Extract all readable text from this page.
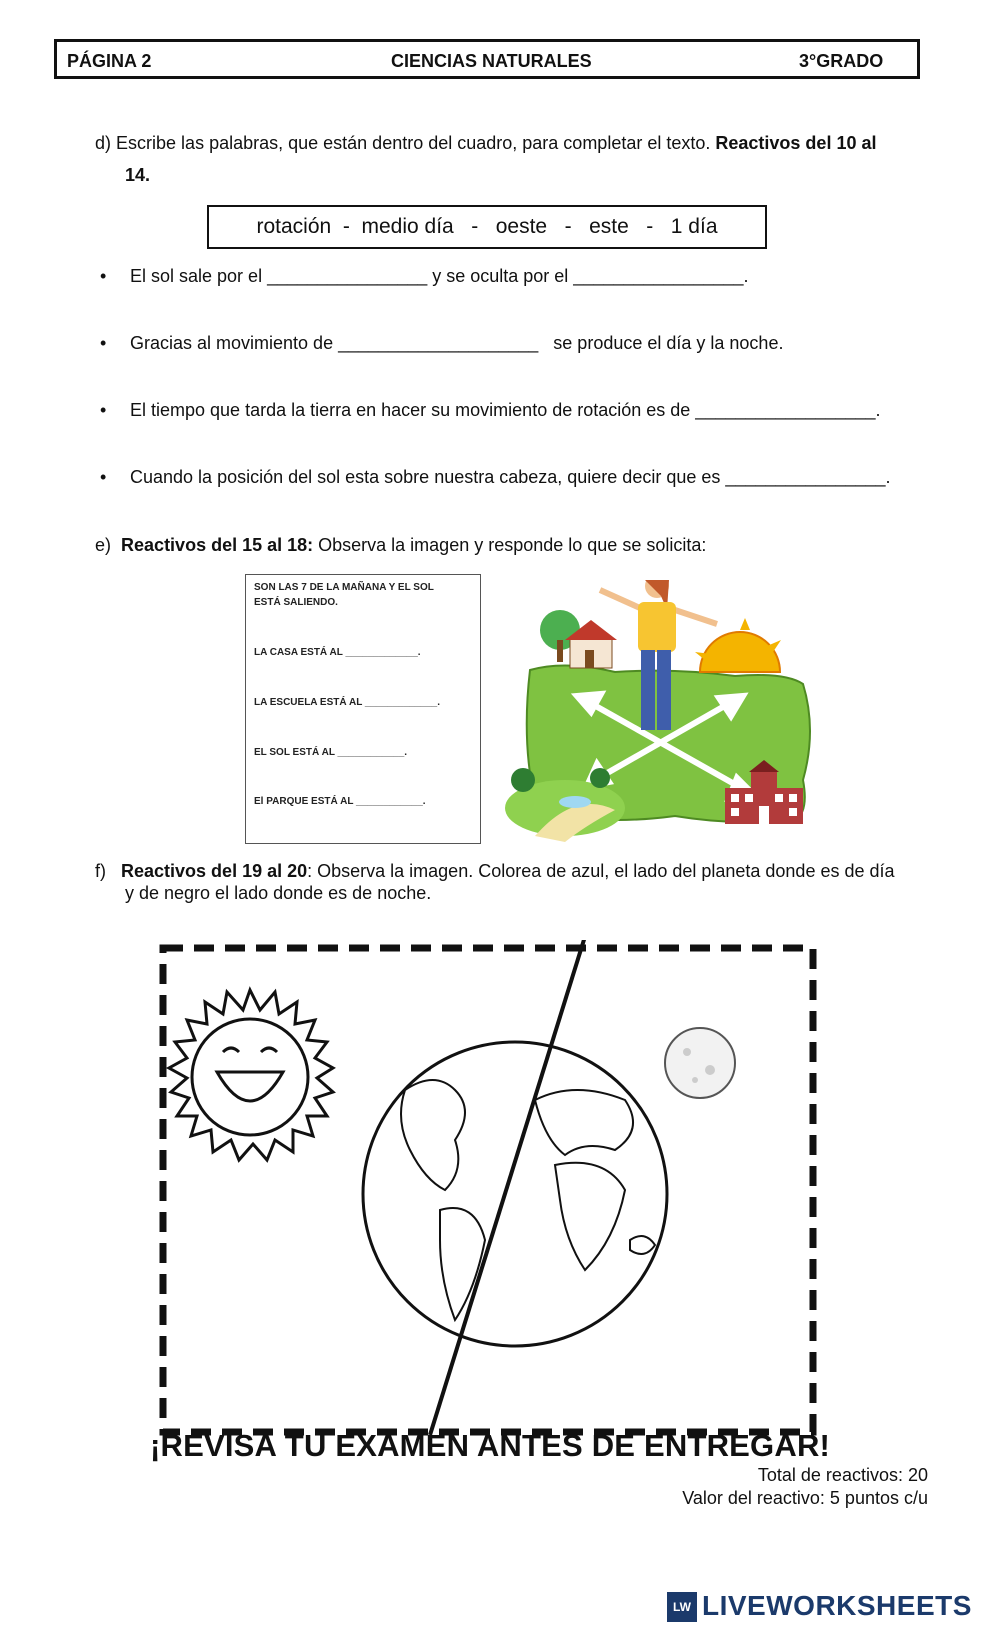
PÁGINA 2	CIENCIAS NATURALES	3°GRADO
d) Escribe las palabras, que están dentro del cuadro, para completar el texto. Reactivos del 10 al
14.
rotación  -  medio día   -   oeste   -   este   -   1 día
• El sol sale por el ________________ y se oculta por el _________________.
• Gracias al movimiento de ____________________   se produce el día y la noche.
• El tiempo que tarda la tierra en hacer su movimiento de rotación es de __________________.
• Cuando la posición del sol esta sobre nuestra cabeza, quiere decir que es ________________.
e) Reactivos del 15 al 18: Observa la imagen y responde lo que se solicita:
SON LAS 7 DE LA MAÑANA Y EL SOL
ESTÁ SALIENDO.
LA CASA ESTÁ AL _____________.
LA ESCUELA ESTÁ AL _____________.
EL SOL ESTÁ AL ____________.
El PARQUE ESTÁ AL ____________.
f) Reactivos del 19 al 20: Observa la imagen. Colorea de azul, el lado del planeta donde es de día
y de negro el lado donde es de noche.
¡REVISA TU EXAMEN ANTES DE ENTREGAR!
Total de reactivos: 20
Valor del reactivo: 5 puntos c/u
LW LIVEWORKSHEETS
